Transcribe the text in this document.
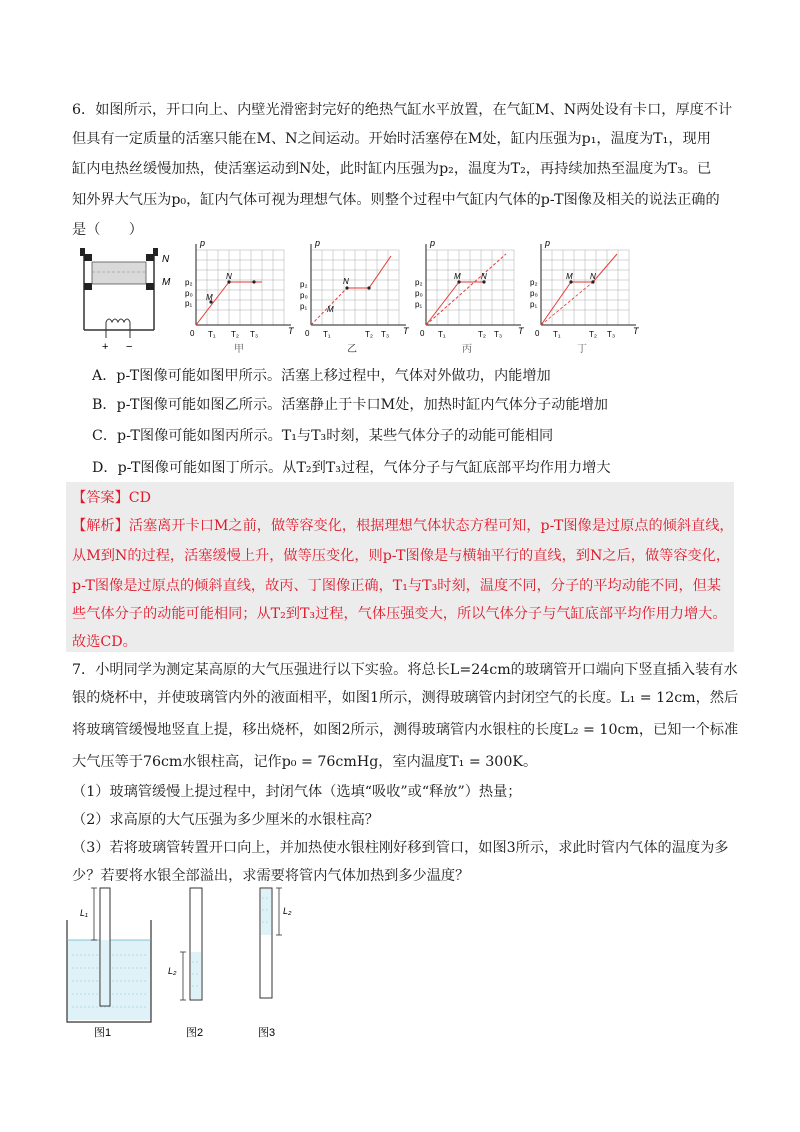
6．如图所示，开口向上、内壁光滑密封完好的绝热气缸水平放置，在气缸M、N两处设有卡口，厚度不计
但具有一定质量的活塞只能在M、N之间运动。开始时活塞停在M处，缸内压强为p₁，温度为T₁，现用
缸内电热丝缓慢加热，使活塞运动到N处，此时缸内压强为p₂，温度为T₂，再持续加热至温度为T₃。已
知外界大气压为p₀，缸内气体可视为理想气体。则整个过程中气缸内气体的p-T图像及相关的说法正确的
是（　　）
N
M
+ −
p
T
0
p₂
p₀
p₁
N
M
T₁ T₂ T₃
甲
p
T
0
p₂
p₀
p₁
N
M
T₁	T₂ T₃
乙
p
T
0
p₂
p₀
p₁
M	N
T₁	T₂ T₃
丙
p
T
0
p₂
p₀
p₁
M N
T₁	T₂ T₃
丁
A．p-T图像可能如图甲所示。活塞上移过程中，气体对外做功，内能增加
B．p-T图像可能如图乙所示。活塞静止于卡口M处，加热时缸内气体分子动能增加
C．p-T图像可能如图丙所示。T₁与T₃时刻，某些气体分子的动能可能相同
D．p-T图像可能如图丁所示。从T₂到T₃过程，气体分子与气缸底部平均作用力增大
【答案】CD
【解析】活塞离开卡口M之前，做等容变化，根据理想气体状态方程可知，p-T图像是过原点的倾斜直线，
从M到N的过程，活塞缓慢上升，做等压变化，则p-T图像是与横轴平行的直线，到N之后，做等容变化，
p-T图像是过原点的倾斜直线，故丙、丁图像正确，T₁与T₃时刻，温度不同，分子的平均动能不同，但某
些气体分子的动能可能相同；从T₂到T₃过程，气体压强变大，所以气体分子与气缸底部平均作用力增大。
故选CD。
7．小明同学为测定某高原的大气压强进行以下实验。将总长L=24cm的玻璃管开口端向下竖直插入装有水
银的烧杯中，并使玻璃管内外的液面相平，如图1所示，测得玻璃管内封闭空气的长度。L₁ = 12cm，然后
将玻璃管缓慢地竖直上提，移出烧杯，如图2所示，测得玻璃管内水银柱的长度L₂ = 10cm，已知一个标准
大气压等于76cm水银柱高，记作p₀ = 76cmHg，室内温度T₁ = 300K。
（1）玻璃管缓慢上提过程中，封闭气体（选填“吸收”或“释放”）热量；
（2）求高原的大气压强为多少厘米的水银柱高？
（3）若将玻璃管转置开口向上，并加热使水银柱刚好移到管口，如图3所示，求此时管内气体的温度为多
少？若要将水银全部溢出，求需要将管内气体加热到多少温度？
L₁
图1
L₂
图2
L₂
图3
